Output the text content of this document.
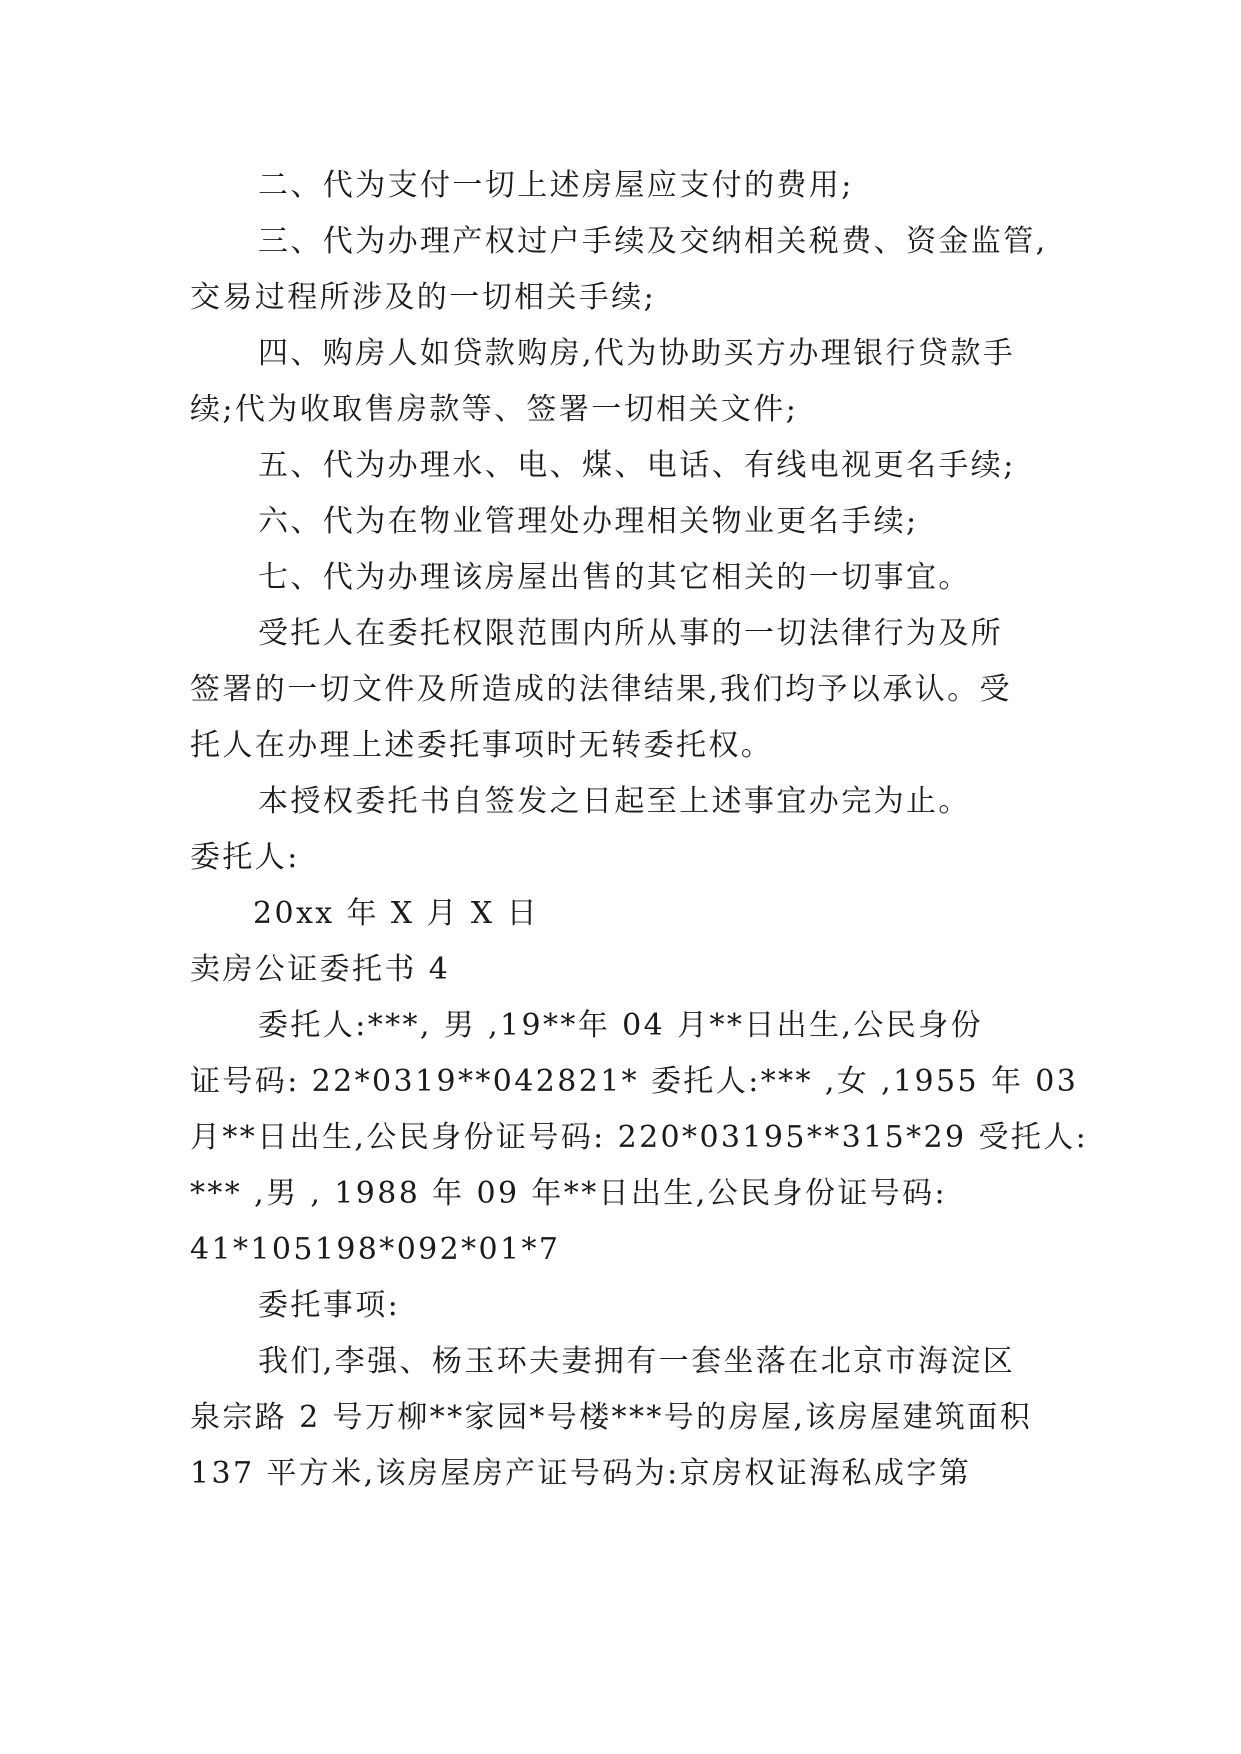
二、代为支付一切上述房屋应支付的费用;
三、代为办理产权过户手续及交纳相关税费、资金监管,
交易过程所涉及的一切相关手续;
四、购房人如贷款购房,代为协助买方办理银行贷款手
续;代为收取售房款等、签署一切相关文件;
五、代为办理水、电、煤、电话、有线电视更名手续;
六、代为在物业管理处办理相关物业更名手续;
七、代为办理该房屋出售的其它相关的一切事宜。
受托人在委托权限范围内所从事的一切法律行为及所
签署的一切文件及所造成的法律结果,我们均予以承认。受
托人在办理上述委托事项时无转委托权。
本授权委托书自签发之日起至上述事宜办完为止。
委托人:
20xx 年 X 月 X 日
卖房公证委托书 4
委托人:***, 男 ,19**年 04 月**日出生,公民身份
证号码: 22*0319**042821* 委托人:*** ,女 ,1955 年 03
月**日出生,公民身份证号码: 220*03195**315*29 受托人:
*** ,男 , 1988 年 09 年**日出生,公民身份证号码:
41*105198*092*01*7
委托事项:
我们,李强、杨玉环夫妻拥有一套坐落在北京市海淀区
泉宗路 2 号万柳**家园*号楼***号的房屋,该房屋建筑面积
137 平方米,该房屋房产证号码为:京房权证海私成字第
